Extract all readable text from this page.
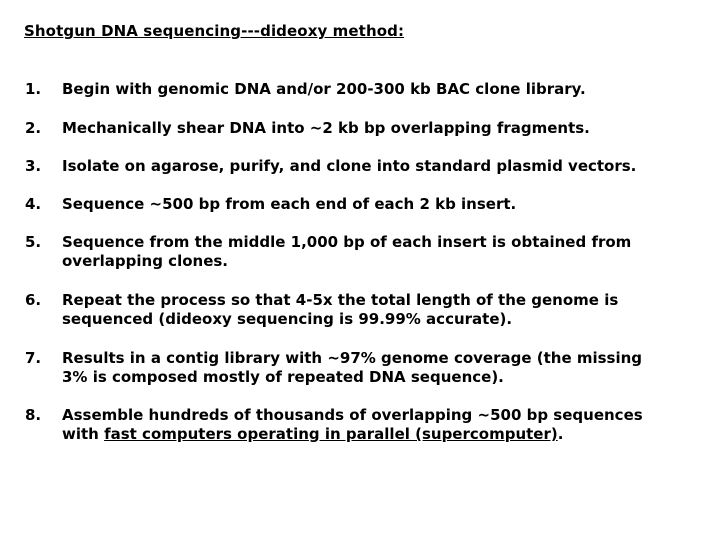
Shotgun DNA sequencing---dideoxy method:
1.	Begin with genomic DNA and/or 200-300 kb BAC clone library.
2.	Mechanically shear DNA into ~2 kb bp overlapping fragments.
3.	Isolate on agarose, purify, and clone into standard plasmid vectors.
4.	Sequence ~500 bp from each end of each 2 kb insert.
5.	Sequence from the middle 1,000 bp of each insert is obtained from
overlapping clones.
6.	Repeat the process so that 4-5x the total length of the genome is
sequenced (dideoxy sequencing is 99.99% accurate).
7.	Results in a contig library with ~97% genome coverage (the missing
3% is composed mostly of repeated DNA sequence).
8.	Assemble hundreds of thousands of overlapping ~500 bp sequences
with fast computers operating in parallel (supercomputer).
